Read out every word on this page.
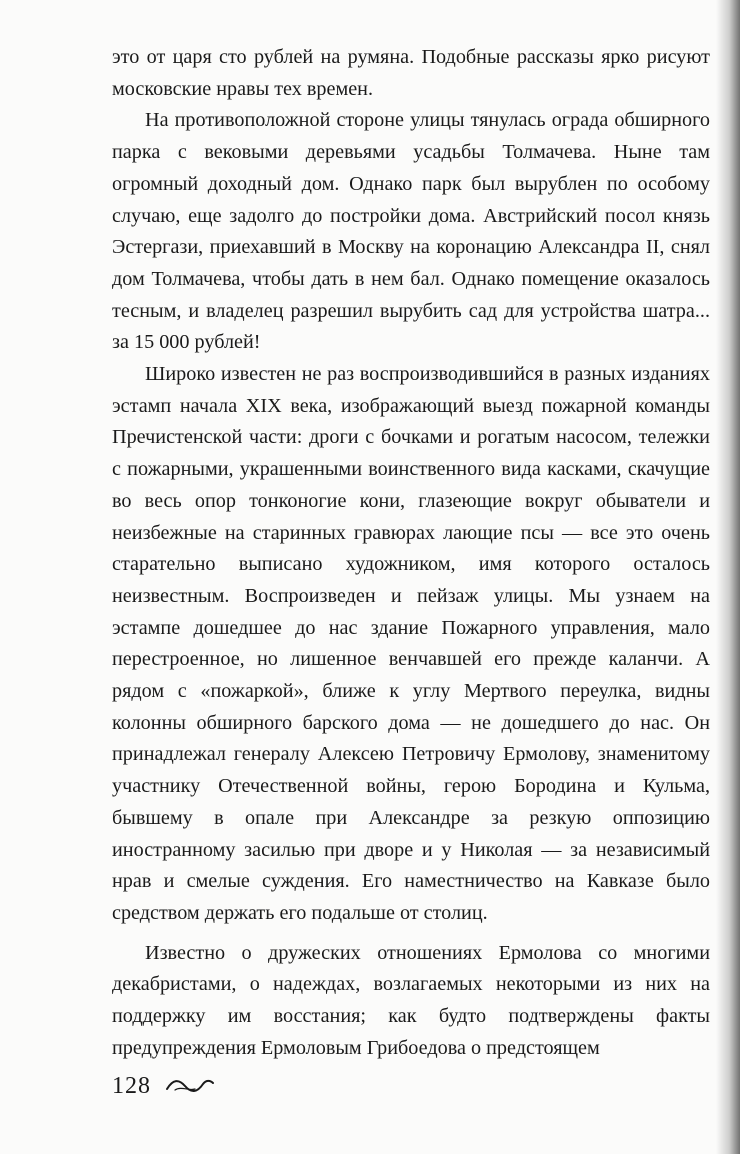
это от царя сто рублей на румяна. Подобные рассказы ярко рисуют московские нравы тех времен.

На противоположной стороне улицы тянулась ограда обширного парка с вековыми деревьями усадьбы Толмачева. Ныне там огромный доходный дом. Однако парк был вырублен по особому случаю, еще задолго до постройки дома. Австрийский посол князь Эстергази, приехавший в Москву на коронацию Александра II, снял дом Толмачева, чтобы дать в нем бал. Однако помещение оказалось тесным, и владелец разрешил вырубить сад для устройства шатра... за 15 000 рублей!

Широко известен не раз воспроизводившийся в разных изданиях эстамп начала XIX века, изображающий выезд пожарной команды Пречистенской части: дроги с бочками и рогатым насосом, тележки с пожарными, украшенными воинственного вида касками, скачущие во весь опор тонконогие кони, глазеющие вокруг обыватели и неизбежные на старинных гравюрах лающие псы — все это очень старательно выписано художником, имя которого осталось неизвестным. Воспроизведен и пейзаж улицы. Мы узнаем на эстампе дошедшее до нас здание Пожарного управления, мало перестроенное, но лишенное венчавшей его прежде каланчи. А рядом с «пожаркой», ближе к углу Мертвого переулка, видны колонны обширного барского дома — не дошедшего до нас. Он принадлежал генералу Алексею Петровичу Ермолову, знаменитому участнику Отечественной войны, герою Бородина и Кульма, бывшему в опале при Александре за резкую оппозицию иностранному засилью при дворе и у Николая — за независимый нрав и смелые суждения. Его наместничество на Кавказе было средством держать его подальше от столиц.

Известно о дружеских отношениях Ермолова со многими декабристами, о надеждах, возлагаемых некоторыми из них на поддержку им восстания; как будто подтверждены факты предупреждения Ермоловым Грибоедова о предстоящем

128
